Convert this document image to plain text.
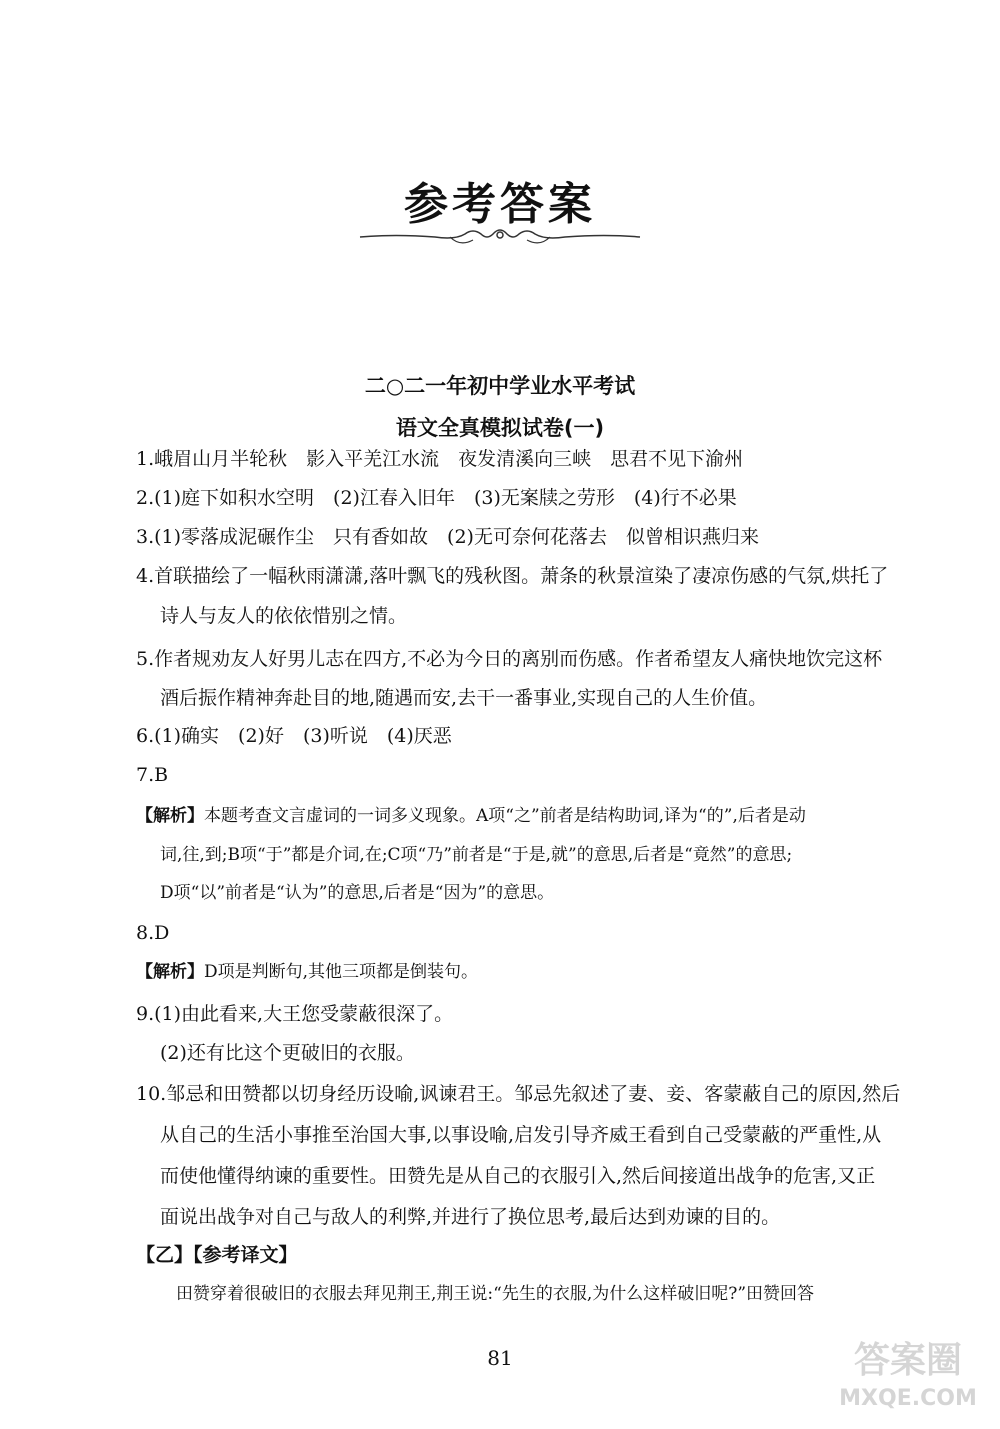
参考答案
二○二一年初中学业水平考试
语文全真模拟试卷(一)
1.峨眉山月半轮秋　影入平羌江水流　夜发清溪向三峡　思君不见下渝州
2.(1)庭下如积水空明　(2)江春入旧年　(3)无案牍之劳形　(4)行不必果
3.(1)零落成泥碾作尘　只有香如故　(2)无可奈何花落去　似曾相识燕归来
4.首联描绘了一幅秋雨潇潇,落叶飘飞的残秋图。萧条的秋景渲染了凄凉伤感的气氛,烘托了
诗人与友人的依依惜别之情。
5.作者规劝友人好男儿志在四方,不必为今日的离别而伤感。作者希望友人痛快地饮完这杯
酒后振作精神奔赴目的地,随遇而安,去干一番事业,实现自己的人生价值。
6.(1)确实　(2)好　(3)听说　(4)厌恶
7.B
【解析】本题考查文言虚词的一词多义现象。A项“之”前者是结构助词,译为“的”,后者是动
词,往,到;B项“于”都是介词,在;C项“乃”前者是“于是,就”的意思,后者是“竟然”的意思;
D项“以”前者是“认为”的意思,后者是“因为”的意思。
8.D
【解析】D项是判断句,其他三项都是倒装句。
9.(1)由此看来,大王您受蒙蔽很深了。
(2)还有比这个更破旧的衣服。
10.邹忌和田赞都以切身经历设喻,讽谏君王。邹忌先叙述了妻、妾、客蒙蔽自己的原因,然后
从自己的生活小事推至治国大事,以事设喻,启发引导齐威王看到自己受蒙蔽的严重性,从
而使他懂得纳谏的重要性。田赞先是从自己的衣服引入,然后间接道出战争的危害,又正
面说出战争对自己与敌人的利弊,并进行了换位思考,最后达到劝谏的目的。
【乙】【参考译文】
田赞穿着很破旧的衣服去拜见荆王,荆王说:“先生的衣服,为什么这样破旧呢?”田赞回答
81	答案圈
MXQE.COM
